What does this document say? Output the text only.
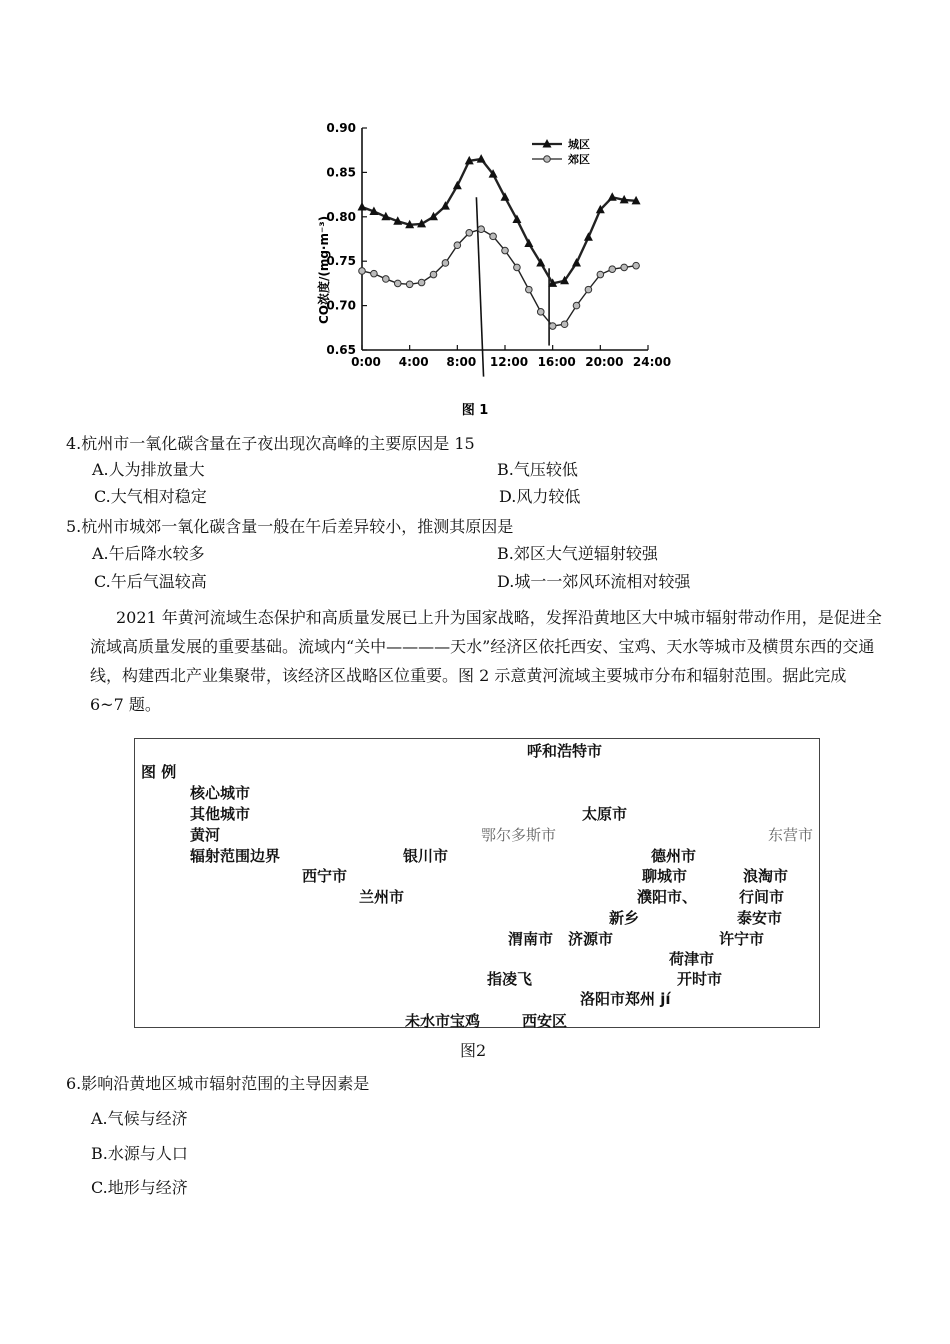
0.65
0.70
0.75
0.80
0.85
0.90
0:00 4:00 8:00 12:00 16:00 20:00 24:00
城区
郊区
CO浓度/(mg·m⁻³)
图 1
4.杭州市一氧化碳含量在子夜出现次高峰的主要原因是 15
A.人为排放量大	B.气压较低
C.大气相对稳定	D.风力较低
5.杭州市城郊一氧化碳含量一般在午后差异较小，推测其原因是
A.午后降水较多	B.郊区大气逆辐射较强
C.午后气温较高	D.城一一郊风环流相对较强
2021 年黄河流域生态保护和高质量发展已上升为国家战略，发挥沿黄地区大中城市辐射带动作用，是促进全流域高质量发展的重要基础。流域内“关中————天水”经济区依托西安、宝鸡、天水等城市及横贯东西的交通线，构建西北产业集聚带，该经济区战略区位重要。图 2 示意黄河流域主要城市分布和辐射范围。据此完成 6~7 题。
呼和浩特市
图 例
核心城市
其他城市	太原市
黄河	鄂尔多斯市	东营市
辐射范围边界	银川市	德州市
西宁市	聊城市	浪淘市
兰州市	濮阳市、	行间市
新乡	泰安市
渭南市 济源市	许宁市
荷津市
指凌飞	开时市
洛阳市郑州 jí
未水市宝鸡	西安区
图2
6.影响沿黄地区城市辐射范围的主导因素是
A.气候与经济
B.水源与人口
C.地形与经济
